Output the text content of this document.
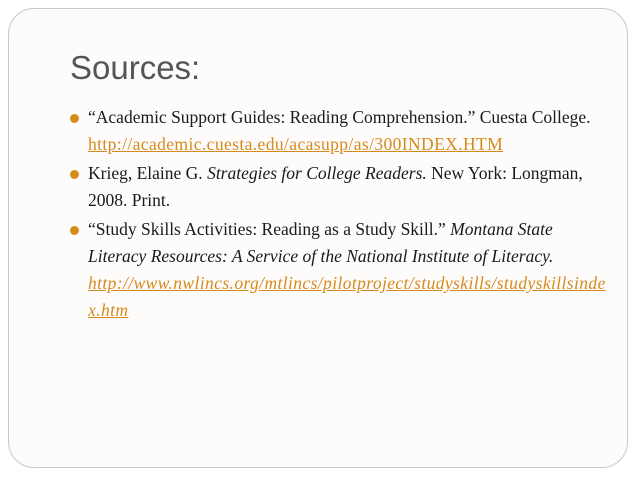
Sources:
“Academic Support Guides: Reading Comprehension.” Cuesta College.
http://academic.cuesta.edu/acasupp/as/300INDEX.HTM
Krieg, Elaine G. Strategies for College Readers. New York: Longman, 2008. Print.
“Study Skills Activities: Reading as a Study Skill.” Montana State Literacy Resources: A Service of the National Institute of Literacy.
http://www.nwlincs.org/mtlincs/pilotproject/studyskills/studyskillsindex.htm
